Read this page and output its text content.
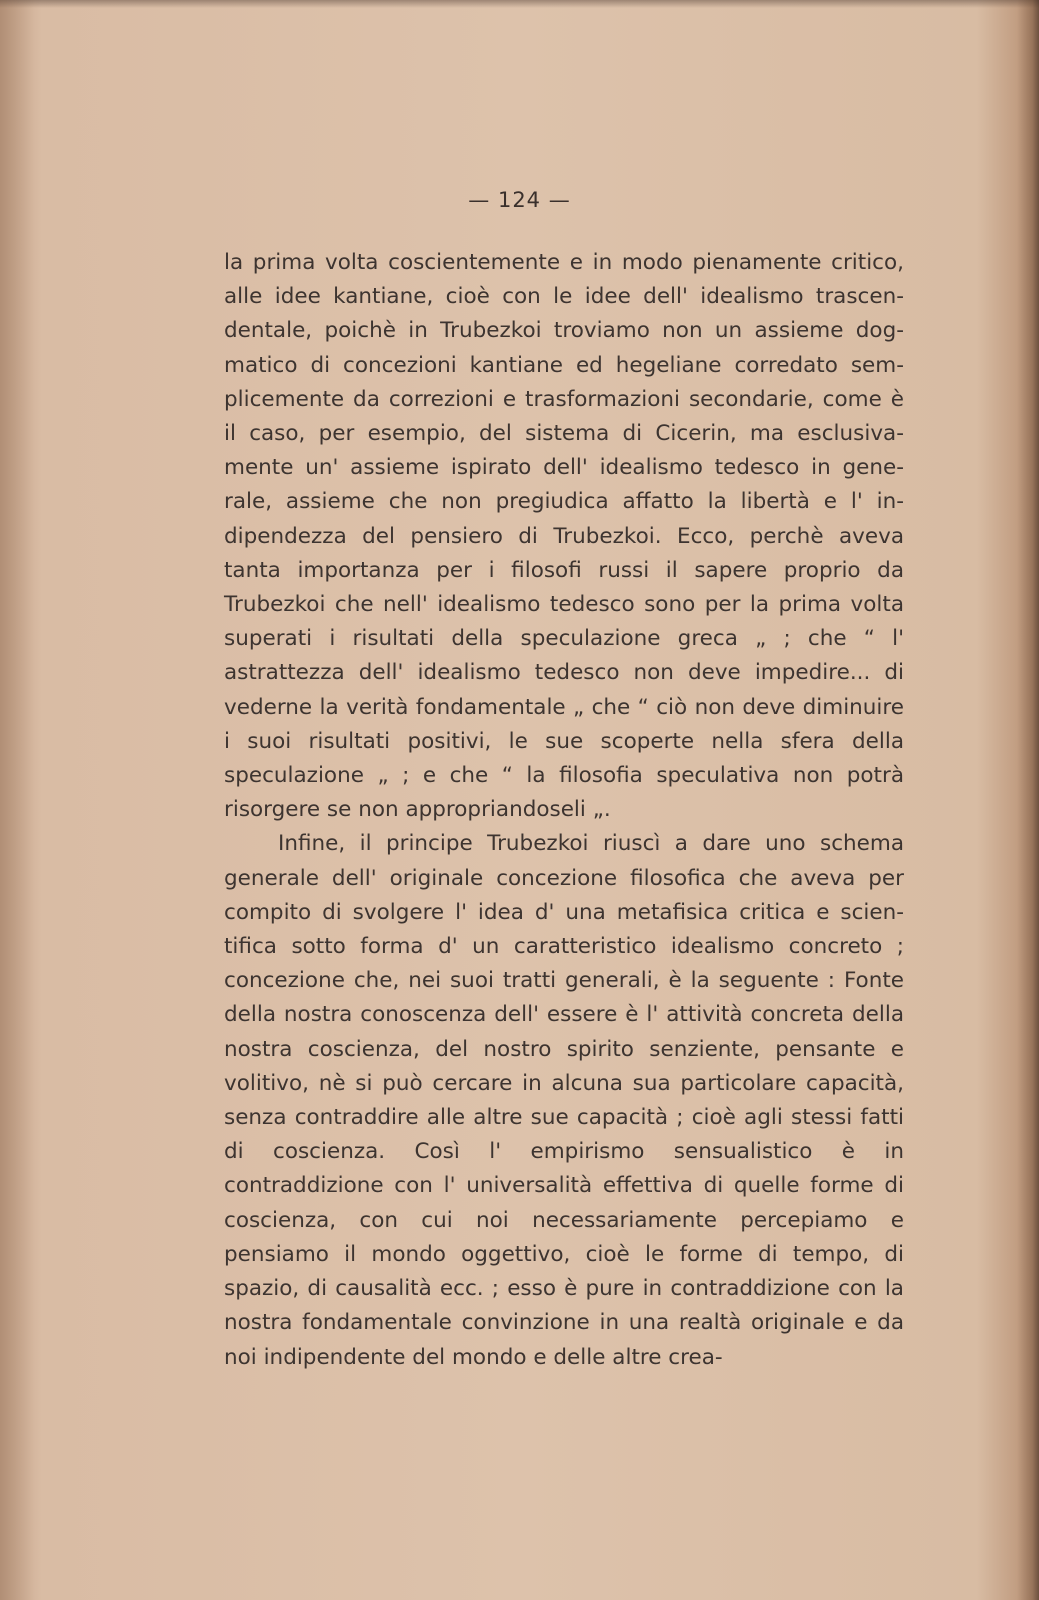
— 124 —

la prima volta coscientemente e in modo pienamente critico, alle idee kantiane, cioè con le idee dell' idealismo trascendentale, poichè in Trubezkoi troviamo non un assieme dogmatico di concezioni kantiane ed hegeliane corredato semplicemente da correzioni e trasformazioni secondarie, come è il caso, per esempio, del sistema di Cicerin, ma esclusivamente un' assieme ispirato dell' idealismo tedesco in generale, assieme che non pregiudica affatto la libertà e l' indipendezza del pensiero di Trubezkoi. Ecco, perchè aveva tanta importanza per i filosofi russi il sapere proprio da Trubezkoi che nell' idealismo tedesco sono per la prima volta superati i risultati della speculazione greca „ ; che “ l' astrattezza dell' idealismo tedesco non deve impedire... di vederne la verità fondamentale „ che “ ciò non deve diminuire i suoi risultati positivi, le sue scoperte nella sfera della speculazione „ ; e che “ la filosofia speculativa non potrà risorgere se non appropriandoseli „.

Infine, il principe Trubezkoi riuscì a dare uno schema generale dell' originale concezione filosofica che aveva per compito di svolgere l' idea d' una metafisica critica e scientifica sotto forma d' un caratteristico idealismo concreto ; concezione che, nei suoi tratti generali, è la seguente : Fonte della nostra conoscenza dell' essere è l' attività concreta della nostra coscienza, del nostro spirito senziente, pensante e volitivo, nè si può cercare in alcuna sua particolare capacità, senza contraddire alle altre sue capacità ; cioè agli stessi fatti di coscienza. Così l' empirismo sensualistico è in contraddizione con l' universalità effettiva di quelle forme di coscienza, con cui noi necessariamente percepiamo e pensiamo il mondo oggettivo, cioè le forme di tempo, di spazio, di causalità ecc. ; esso è pure in contraddizione con la nostra fondamentale convinzione in una realtà originale e da noi indipendente del mondo e delle altre crea-
